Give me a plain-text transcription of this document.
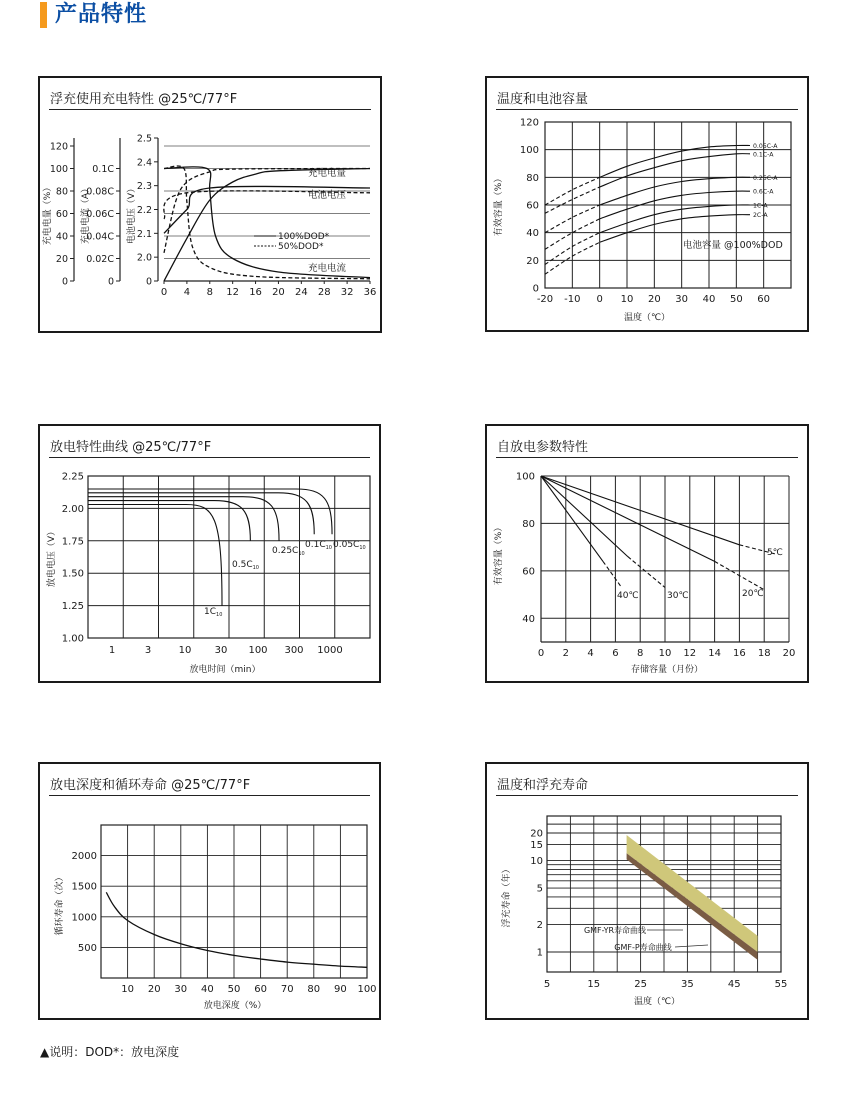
产品特性
浮充使用充电特性 @25℃/77°F
0 4 8 12 16 20 24 28 32 36
0
20
40
60
80
100
120
充电电量（%）
0
0.02C
0.04C
0.06C
0.08C
0.1C
充电电流（A）
0
2.0
2.1
2.2
2.3
2.4
2.5
电池电压（V）
充电电量
电池电压
充电电流
100%DOD*
50%DOD*
温度和电池容量
-20 -10 0 10 20 30 40 50 60
0
20
40
60
80
100
120
温度（℃）
有效容量（%）
0.05C-A
0.1C-A
0.25C-A
0.6C-A
1C-A
2C-A
电池容量 @100%DOD
放电特性曲线 @25℃/77°F
1	3	10 30 100 300 1000
1.00
1.25
1.50
1.75
2.00
2.25
放电时间（min）
放电电压（V）
$1C_{10}$
$0.5C_{10}$
$0.25C_{10}$
$0.1C_{10}$ $0.05C_{10}$
自放电参数特性
0 2 4 6 8 10 12 14 16 18 20
40
60
80
100
存储容量（月份）
有效容量（%）
40℃	30℃	20℃
5℃
放电深度和循环寿命 @25℃/77°F
10 20 30 40 50 60 70 80 90 100
500
1000
1500
2000
放电深度（%）
循环寿命（次）
温度和浮充寿命
5	15	25	35	45	55
1
2
5
10
15
20
温度（℃）
浮充寿命（年）
GMF-YR寿命曲线
GMF-P寿命曲线
▲说明：DOD*：放电深度
